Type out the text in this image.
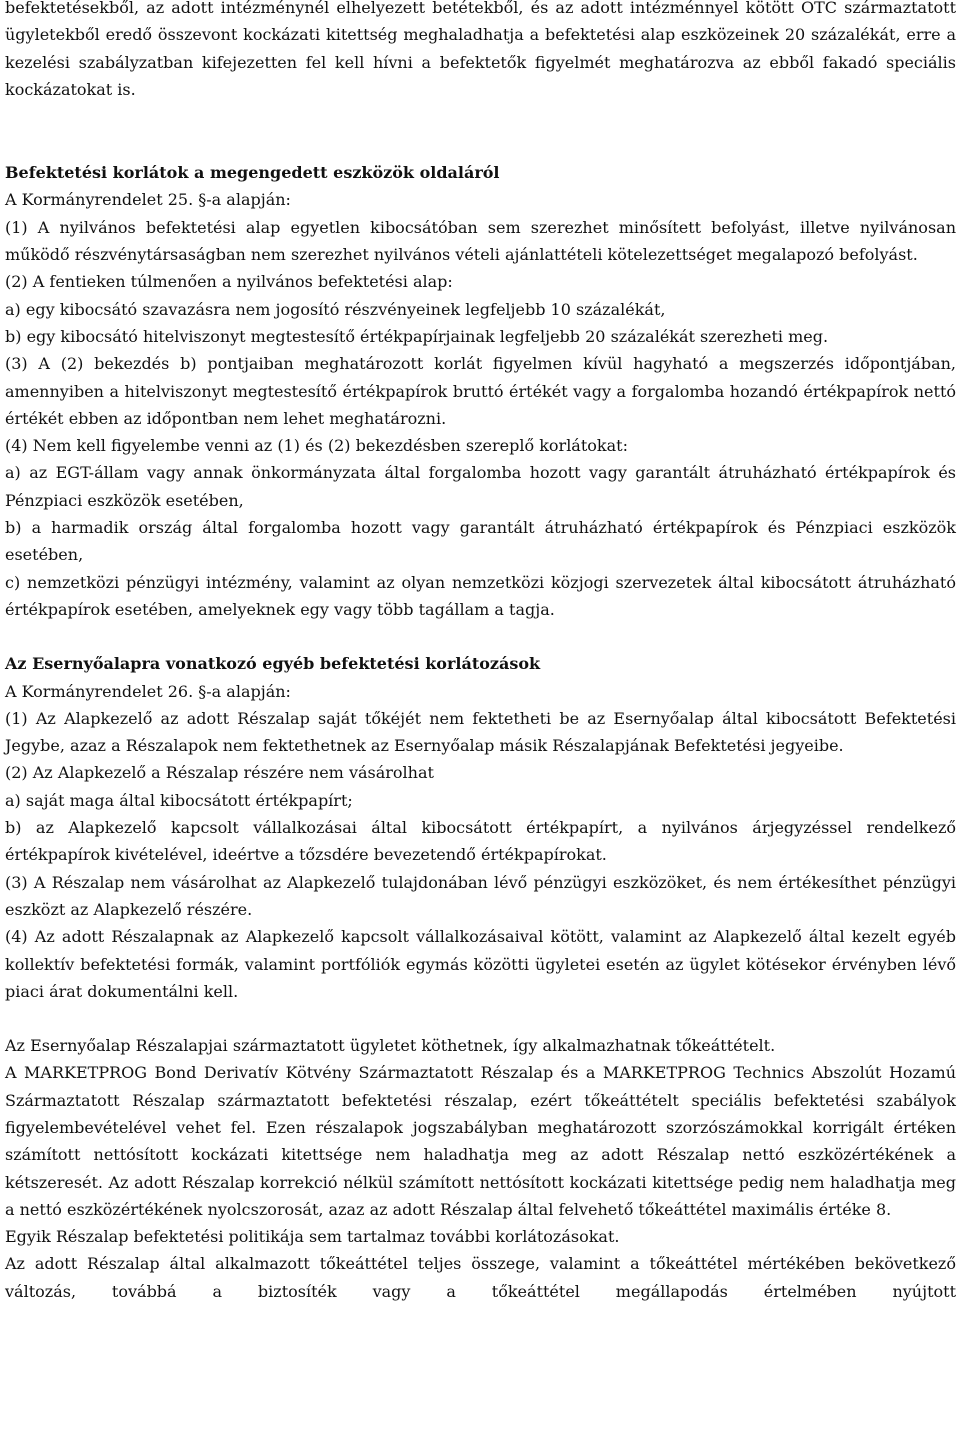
befektetésekből, az adott intézménynél elhelyezett betétekből, és az adott intézménnyel kötött OTC származtatott ügyletekből eredő összevont kockázati kitettség meghaladhatja a befektetési alap eszközeinek 20 százalékát, erre a kezelési szabályzatban kifejezetten fel kell hívni a befektetők figyelmét meghatározva az ebből fakadó speciális kockázatokat is.

Befektetési korlátok a megengedett eszközök oldaláról

A Kormányrendelet 25. §-a alapján:

(1) A nyilvános befektetési alap egyetlen kibocsátóban sem szerezhet minősített befolyást, illetve nyilvánosan működő részvénytársaságban nem szerezhet nyilvános vételi ajánlattételi kötelezettséget megalapozó befolyást.

(2) A fentieken túlmenően a nyilvános befektetési alap:

a) egy kibocsátó szavazásra nem jogosító részvényeinek legfeljebb 10 százalékát,

b) egy kibocsátó hitelviszonyt megtestesítő értékpapírjainak legfeljebb 20 százalékát szerezheti meg.

(3) A (2) bekezdés b) pontjaiban meghatározott korlát figyelmen kívül hagyható a megszerzés időpontjában, amennyiben a hitelviszonyt megtestesítő értékpapírok bruttó értékét vagy a forgalomba hozandó értékpapírok nettó értékét ebben az időpontban nem lehet meghatározni.

(4) Nem kell figyelembe venni az (1) és (2) bekezdésben szereplő korlátokat:

a) az EGT-állam vagy annak önkormányzata által forgalomba hozott vagy garantált átruházható értékpapírok és Pénzpiaci eszközök esetében,

b) a harmadik ország által forgalomba hozott vagy garantált átruházható értékpapírok és Pénzpiaci eszközök esetében,

c) nemzetközi pénzügyi intézmény, valamint az olyan nemzetközi közjogi szervezetek által kibocsátott átruházható értékpapírok esetében, amelyeknek egy vagy több tagállam a tagja.

Az Esernyőalapra vonatkozó egyéb befektetési korlátozások

A Kormányrendelet 26. §-a alapján:

(1) Az Alapkezelő az adott Részalap saját tőkéjét nem fektetheti be az Esernyőalap által kibocsátott Befektetési Jegybe, azaz a Részalapok nem fektethetnek az Esernyőalap másik Részalapjának Befektetési jegyeibe.

(2) Az Alapkezelő a Részalap részére nem vásárolhat

a) saját maga által kibocsátott értékpapírt;

b) az Alapkezelő kapcsolt vállalkozásai által kibocsátott értékpapírt, a nyilvános árjegyzéssel rendelkező értékpapírok kivételével, ideértve a tőzsdére bevezetendő értékpapírokat.

(3) A Részalap nem vásárolhat az Alapkezelő tulajdonában lévő pénzügyi eszközöket, és nem értékesíthet pénzügyi eszközt az Alapkezelő részére.

(4) Az adott Részalapnak az Alapkezelő kapcsolt vállalkozásaival kötött, valamint az Alapkezelő által kezelt egyéb kollektív befektetési formák, valamint portfóliók egymás közötti ügyletei esetén az ügylet kötésekor érvényben lévő piaci árat dokumentálni kell.

Az Esernyőalap Részalapjai származtatott ügyletet köthetnek, így alkalmazhatnak tőkeáttételt.

A MARKETPROG Bond Derivatív Kötvény Származtatott Részalap és a MARKETPROG Technics Abszolút Hozamú Származtatott Részalap származtatott befektetési részalap, ezért tőkeáttételt speciális befektetési szabályok figyelembevételével vehet fel. Ezen részalapok jogszabályban meghatározott szorzószámokkal korrigált értéken számított nettósított kockázati kitettsége nem haladhatja meg az adott Részalap nettó eszközértékének a kétszeresét. Az adott Részalap korrekció nélkül számított nettósított kockázati kitettsége pedig nem haladhatja meg a nettó eszközértékének nyolcszorosát, azaz az adott Részalap által felvehető tőkeáttétel maximális értéke 8.

Egyik Részalap befektetési politikája sem tartalmaz további korlátozásokat.

Az adott Részalap által alkalmazott tőkeáttétel teljes összege, valamint a tőkeáttétel mértékében bekövetkező változás, továbbá a biztosíték vagy a tőkeáttétel megállapodás értelmében nyújtott
